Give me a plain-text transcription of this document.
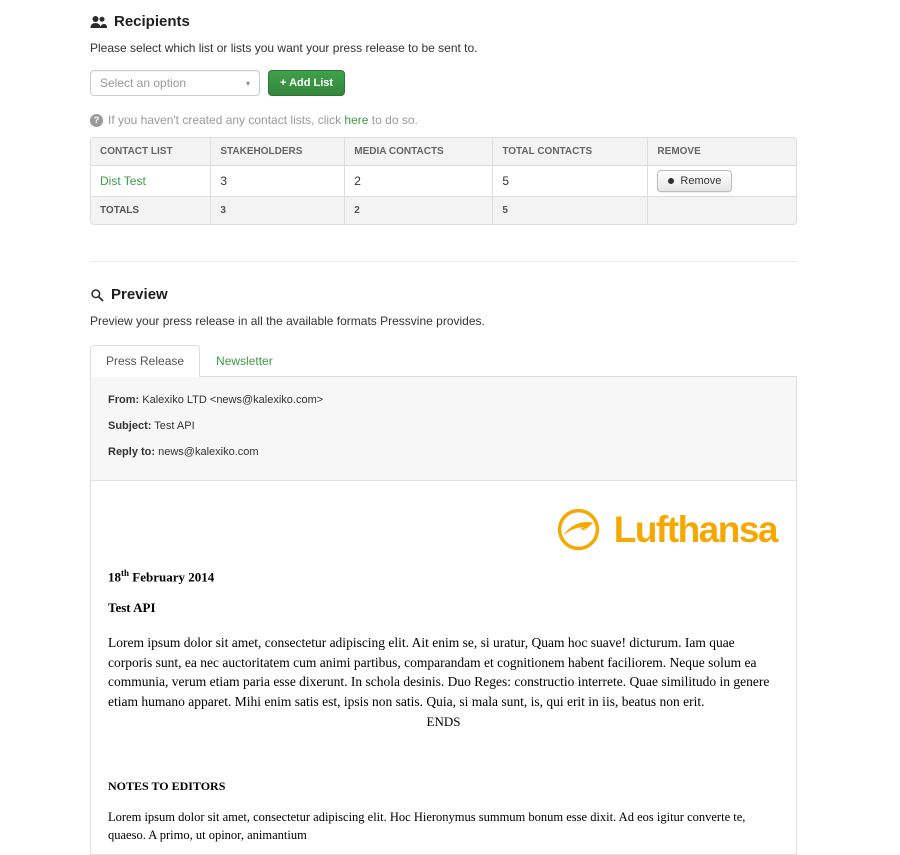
Recipients

Please select which list or lists you want your press release to be sent to.

Select an option	▾	+ Add List
? If you haven't created any contact lists, click here to do so.
CONTACT LIST	STAKEHOLDERS	MEDIA CONTACTS	TOTAL CONTACTS	REMOVE
Dist Test	3	2	5	Remove

TOTALS	3	2	5	
Preview

Preview your press release in all the available formats Pressvine provides.

Press Release	Newsletter

From: Kalexiko LTD <news@kalexiko.com>

Subject: Test API

Reply to: news@kalexiko.com

Lufthansa

18th February 2014

Test API

Lorem ipsum dolor sit amet, consectetur adipiscing elit. Ait enim se, si uratur, Quam hoc suave! dicturum. Iam quae corporis sunt, ea nec auctoritatem cum animi partibus, comparandam et cognitionem habent faciliorem. Neque solum ea communia, verum etiam paria esse dixerunt. In schola desinis. Duo Reges: constructio interrete. Quae similitudo in genere etiam humano apparet. Mihi enim satis est, ipsis non satis. Quia, si mala sunt, is, qui erit in iis, beatus non erit.

ENDS

NOTES TO EDITORS

Lorem ipsum dolor sit amet, consectetur adipiscing elit. Hoc Hieronymus summum bonum esse dixit. Ad eos igitur converte te, quaeso. A primo, ut opinor, animantium
